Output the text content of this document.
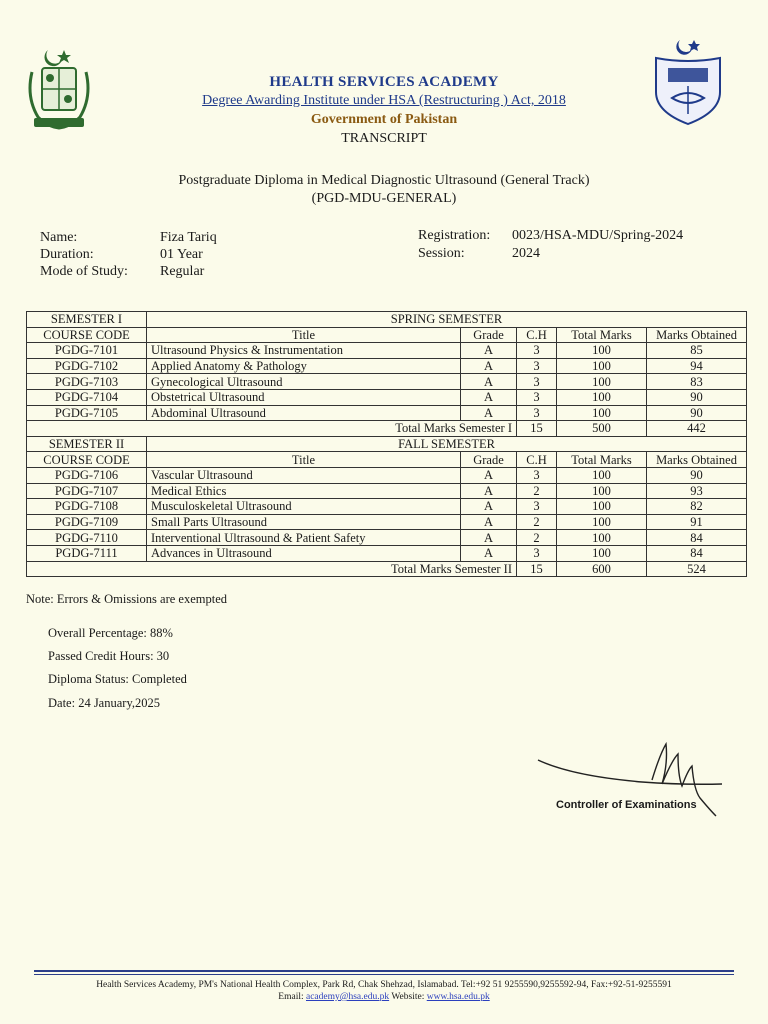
HEALTH SERVICES ACADEMY
Degree Awarding Institute under HSA (Restructuring ) Act, 2018
Government of Pakistan
TRANSCRIPT
Postgraduate Diploma in Medical Diagnostic Ultrasound (General Track)
(PGD-MDU-GENERAL)
Name:	Fiza Tariq
Duration:	01 Year
Mode of Study: Regular
Registration: 0023/HSA-MDU/Spring-2024
Session:	2024
SEMESTER I	SPRING SEMESTER				
COURSE CODE	Title	Grade	C.H	Total Marks	Marks Obtained
PGDG-7101	Ultrasound Physics & Instrumentation	A	3	100	85
PGDG-7102	Applied Anatomy & Pathology	A	3	100	94
PGDG-7103	Gynecological Ultrasound	A	3	100	83
PGDG-7104	Obstetrical Ultrasound	A	3	100	90
PGDG-7105	Abdominal Ultrasound	A	3	100	90
Total Marks Semester I			15	500	442
SEMESTER II	FALL SEMESTER				
COURSE CODE	Title	Grade	C.H	Total Marks	Marks Obtained
PGDG-7106	Vascular Ultrasound	A	3	100	90
PGDG-7107	Medical Ethics	A	2	100	93
PGDG-7108	Musculoskeletal Ultrasound	A	3	100	82
PGDG-7109	Small Parts Ultrasound	A	2	100	91
PGDG-7110	Interventional Ultrasound & Patient Safety	A	2	100	84
PGDG-7111	Advances in Ultrasound	A	3	100	84
Total Marks Semester II			15	600	524
Note: Errors & Omissions are exempted
Overall Percentage: 88%
Passed Credit Hours: 30
Diploma Status: Completed
Date: 24 January,2025
Controller of Examinations
Health Services Academy, PM's National Health Complex, Park Rd, Chak Shehzad, Islamabad. Tel:+92 51 9255590,9255592-94, Fax:+92-51-9255591
Email: academy@hsa.edu.pk Website: www.hsa.edu.pk
